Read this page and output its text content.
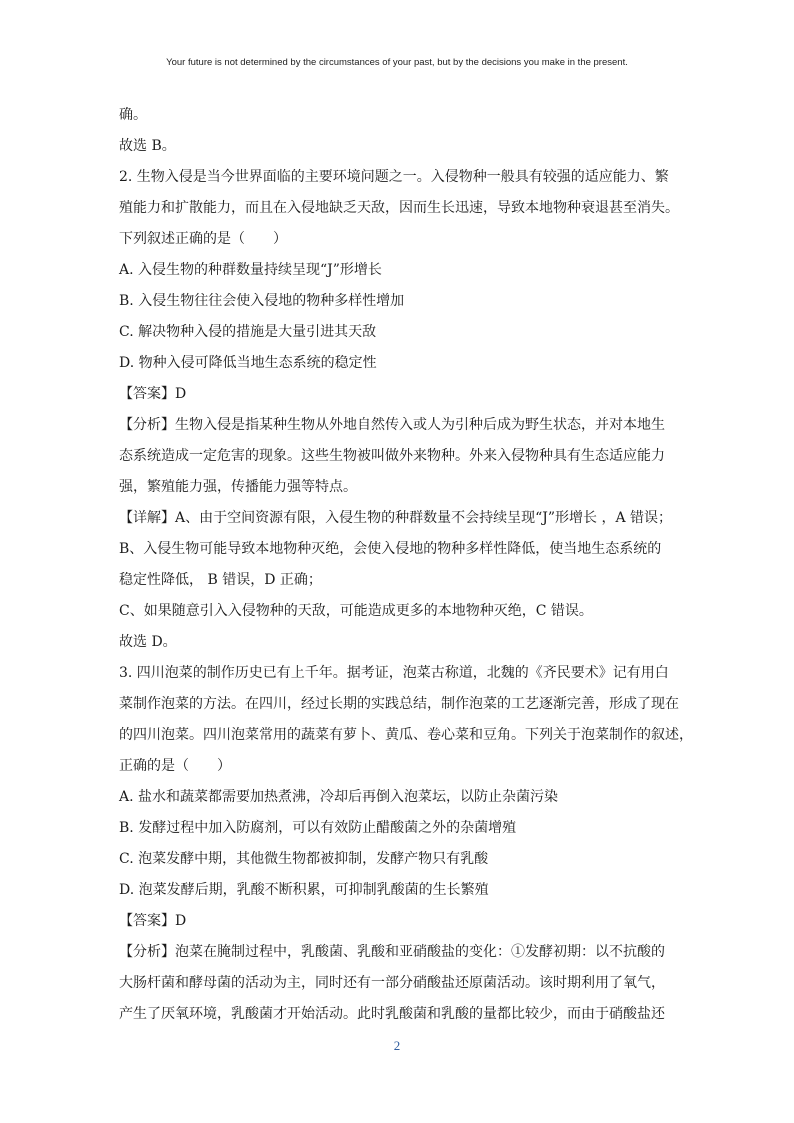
Your future is not determined by the circumstances of your past, but by the decisions you make in the present.
确。
故选 B。
2. 生物入侵是当今世界面临的主要环境问题之一。入侵物种一般具有较强的适应能力、繁
殖能力和扩散能力，而且在入侵地缺乏天敌，因而生长迅速，导致本地物种衰退甚至消失。
下列叙述正确的是（　　）
A. 入侵生物的种群数量持续呈现“J”形增长
B. 入侵生物往往会使入侵地的物种多样性增加
C. 解决物种入侵的措施是大量引进其天敌
D. 物种入侵可降低当地生态系统的稳定性
【答案】D
【分析】生物入侵是指某种生物从外地自然传入或人为引种后成为野生状态，并对本地生
态系统造成一定危害的现象。这些生物被叫做外来物种。外来入侵物种具有生态适应能力
强，繁殖能力强，传播能力强等特点。
【详解】A、由于空间资源有限，入侵生物的种群数量不会持续呈现“J”形增长 ，A 错误；
B、入侵生物可能导致本地物种灭绝，会使入侵地的物种多样性降低，使当地生态系统的
稳定性降低， B 错误，D 正确；
C、如果随意引入入侵物种的天敌，可能造成更多的本地物种灭绝，C 错误。
故选 D。
3. 四川泡菜的制作历史已有上千年。据考证，泡菜古称道，北魏的《齐民要术》记有用白
菜制作泡菜的方法。在四川，经过长期的实践总结，制作泡菜的工艺逐渐完善，形成了现在
的四川泡菜。四川泡菜常用的蔬菜有萝卜、黄瓜、卷心菜和豆角。下列关于泡菜制作的叙述，
正确的是（　　）
A. 盐水和蔬菜都需要加热煮沸，冷却后再倒入泡菜坛，以防止杂菌污染
B. 发酵过程中加入防腐剂，可以有效防止醋酸菌之外的杂菌增殖
C. 泡菜发酵中期，其他微生物都被抑制，发酵产物只有乳酸
D. 泡菜发酵后期，乳酸不断积累，可抑制乳酸菌的生长繁殖
【答案】D
【分析】泡菜在腌制过程中，乳酸菌、乳酸和亚硝酸盐的变化：①发酵初期：以不抗酸的
大肠杆菌和酵母菌的活动为主，同时还有一部分硝酸盐还原菌活动。该时期利用了氧气，
产生了厌氧环境，乳酸菌才开始活动。此时乳酸菌和乳酸的量都比较少，而由于硝酸盐还
2
